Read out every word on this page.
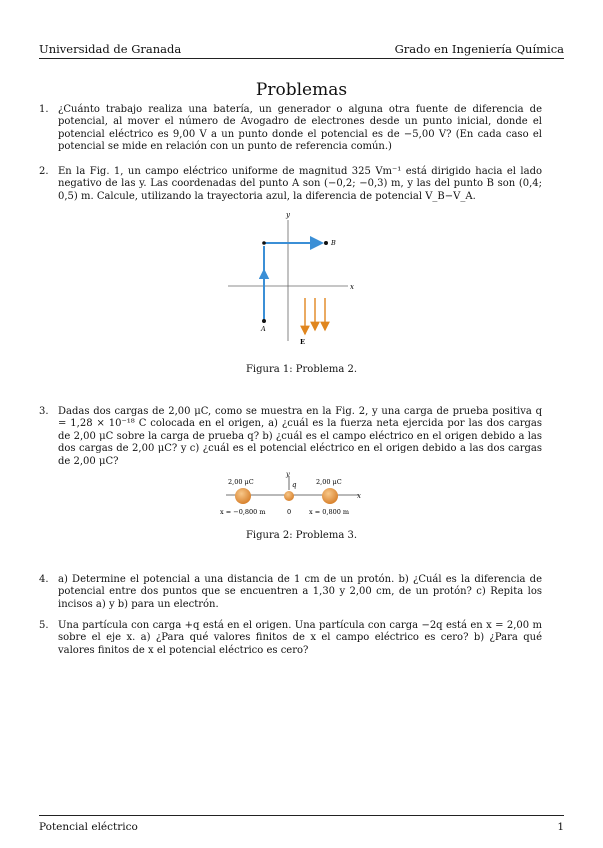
Universidad de Granada	Grado en Ingeniería Química
Problemas
1. ¿Cuánto trabajo realiza una batería, un generador o alguna otra fuente de diferencia de potencial, al mover el número de Avogadro de electrones desde un punto inicial, donde el potencial eléctrico es 9,00 V a un punto donde el potencial es de −5,00 V? (En cada caso el potencial se mide en relación con un punto de referencia común.)
2. En la Fig. 1, un campo eléctrico uniforme de magnitud 325 Vm⁻¹ está dirigido hacia el lado negativo de las y. Las coordenadas del punto A son (−0,2; −0,3) m, y las del punto B son (0,4; 0,5) m. Calcule, utilizando la trayectoria azul, la diferencia de potencial V_B−V_A.
x
y
A
B
E
Figura 1: Problema 2.
3. Dadas dos cargas de 2,00 μC, como se muestra en la Fig. 2, y una carga de prueba positiva q = 1,28 × 10⁻¹⁸ C colocada en el origen, a) ¿cuál es la fuerza neta ejercida por las dos cargas de 2,00 μC sobre la carga de prueba q? b) ¿cuál es el campo eléctrico en el origen debido a las dos cargas de 2,00 μC? y c) ¿cuál es el potencial eléctrico en el origen debido a las dos cargas de 2,00 μC?
x
y
q
2,00 μC	2,00 μC
x = −0,800 m	0	x = 0,800 m
Figura 2: Problema 3.
4. a) Determine el potencial a una distancia de 1 cm de un protón. b) ¿Cuál es la diferencia de potencial entre dos puntos que se encuentren a 1,30 y 2,00 cm, de un protón? c) Repita los incisos a) y b) para un electrón.
5. Una partícula con carga +q está en el origen. Una partícula con carga −2q está en x = 2,00 m sobre el eje x. a) ¿Para qué valores finitos de x el campo eléctrico es cero? b) ¿Para qué valores finitos de x el potencial eléctrico es cero?
Potencial eléctrico	1
